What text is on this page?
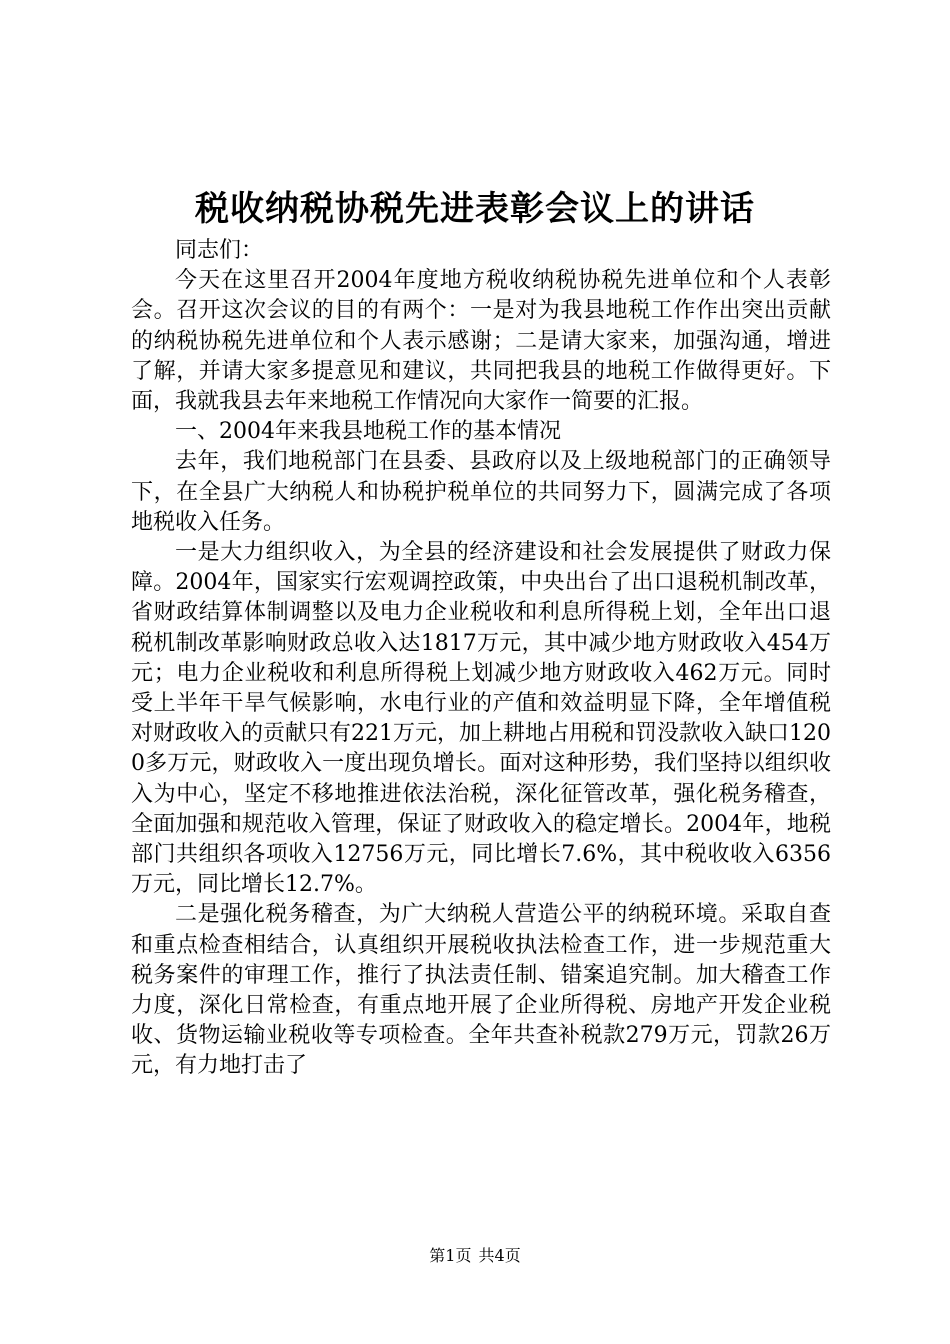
税收纳税协税先进表彰会议上的讲话

同志们：

今天在这里召开2004年度地方税收纳税协税先进单位和个人表彰会。召开这次会议的目的有两个：一是对为我县地税工作作出突出贡献的纳税协税先进单位和个人表示感谢；二是请大家来，加强沟通，增进了解，并请大家多提意见和建议，共同把我县的地税工作做得更好。下面，我就我县去年来地税工作情况向大家作一简要的汇报。

一、2004年来我县地税工作的基本情况

去年，我们地税部门在县委、县政府以及上级地税部门的正确领导下，在全县广大纳税人和协税护税单位的共同努力下，圆满完成了各项地税收入任务。

一是大力组织收入，为全县的经济建设和社会发展提供了财政力保障。2004年，国家实行宏观调控政策，中央出台了出口退税机制改革，省财政结算体制调整以及电力企业税收和利息所得税上划，全年出口退税机制改革影响财政总收入达1817万元，其中减少地方财政收入454万元；电力企业税收和利息所得税上划减少地方财政收入462万元。同时受上半年干旱气候影响，水电行业的产值和效益明显下降，全年增值税对财政收入的贡献只有221万元，加上耕地占用税和罚没款收入缺口1200多万元，财政收入一度出现负增长。面对这种形势，我们坚持以组织收入为中心，坚定不移地推进依法治税，深化征管改革，强化税务稽查，全面加强和规范收入管理，保证了财政收入的稳定增长。2004年，地税部门共组织各项收入12756万元，同比增长7.6%，其中税收收入6356万元，同比增长12.7%。

二是强化税务稽查，为广大纳税人营造公平的纳税环境。采取自查和重点检查相结合，认真组织开展税收执法检查工作，进一步规范重大税务案件的审理工作，推行了执法责任制、错案追究制。加大稽查工作力度，深化日常检查，有重点地开展了企业所得税、房地产开发企业税收、货物运输业税收等专项检查。全年共查补税款279万元，罚款26万元，有力地打击了

第1页 共4页
